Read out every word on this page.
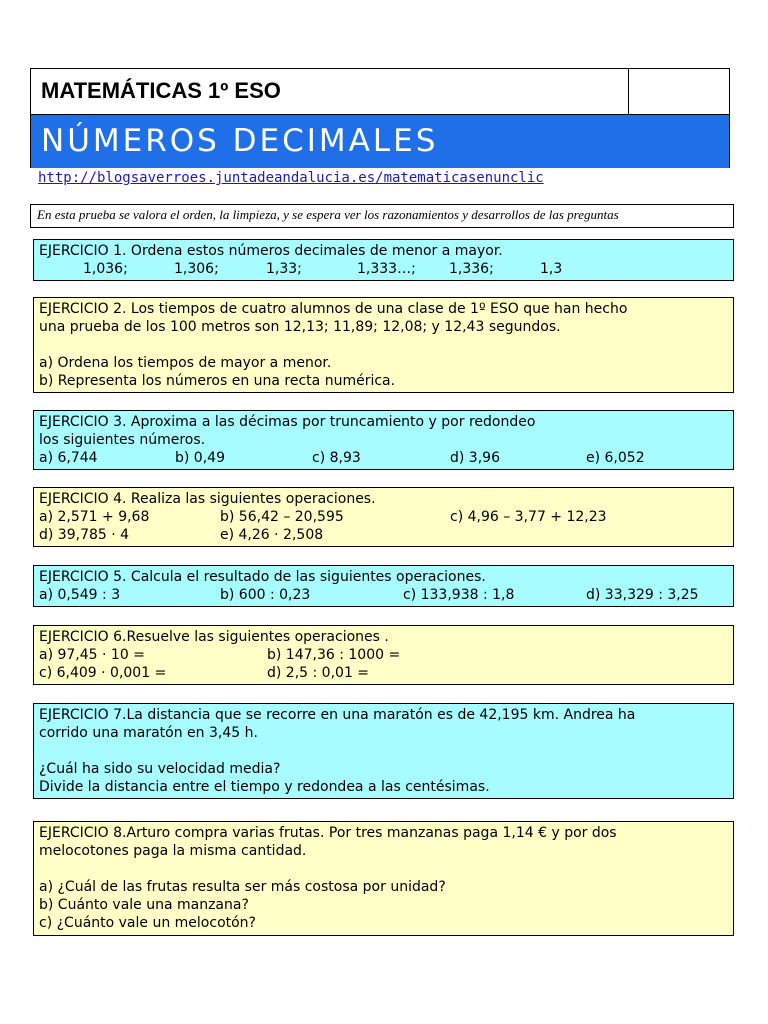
MATEMÁTICAS 1º ESO
NÚMEROS DECIMALES
http://blogsaverroes.juntadeandalucia.es/matematicasenunclic
En esta prueba se valora el orden, la limpieza, y se espera ver los razonamientos y desarrollos de las preguntas
EJERCICIO 1. Ordena estos números decimales de menor a mayor.

1,036;

	1,306;

	1,33;

	1,333…;

1,336;

	1,3

EJERCICIO 2. Los tiempos de cuatro alumnos de una clase de 1º ESO que han hecho
una prueba de los 100 metros son 12,13; 11,89; 12,08; y 12,43 segundos.
a) Ordena los tiempos de mayor a menor.
b) Representa los números en una recta numérica.
EJERCICIO 3. Aproxima a las décimas por truncamiento y por redondeo
los siguientes números.

a) 6,744

	b) 0,49

	c) 8,93

	d) 3,96

	e) 6,052

EJERCICIO 4. Realiza las siguientes operaciones.

a) 2,571 + 9,68

	b) 56,42 – 20,595

	c) 4,96 – 3,77 + 12,23

d) 39,785 · 4

	e) 4,26 · 2,508

EJERCICIO 5. Calcula el resultado de las siguientes operaciones.

a) 0,549 : 3

	b) 600 : 0,23

	c) 133,938 : 1,8

	d) 33,329 : 3,25

EJERCICIO 6.Resuelve las siguientes operaciones .

a) 97,45 · 10 =

	b) 147,36 : 1000 =

c) 6,409 · 0,001 =

	d) 2,5 : 0,01 =

EJERCICIO 7.La distancia que se recorre en una maratón es de 42,195 km. Andrea ha
corrido una maratón en 3,45 h.
¿Cuál ha sido su velocidad media?
Divide la distancia entre el tiempo y redondea a las centésimas.
EJERCICIO 8.Arturo compra varias frutas. Por tres manzanas paga 1,14 € y por dos
melocotones paga la misma cantidad.
a) ¿Cuál de las frutas resulta ser más costosa por unidad?
b) Cuánto vale una manzana?
c) ¿Cuánto vale un melocotón?
